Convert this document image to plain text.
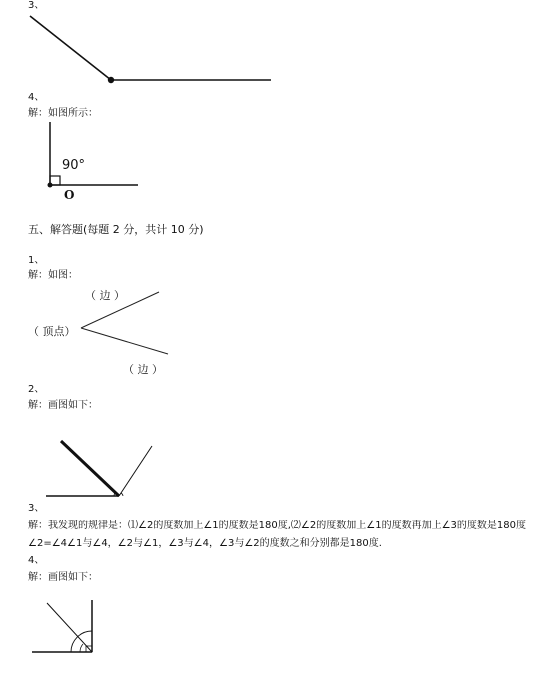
3、
4、
解：如图所示：
90°
O
五、解答题(每题 2 分，共计 10 分)
1、
解：如图：
（ 边 ）
（ 顶点）
（ 边 ）
2、
解：画图如下：
3、
解：我发现的规律是：⑴∠2的度数加上∠1的度数是180度,⑵∠2的度数加上∠1的度数再加上∠3的度数是180度
∠2=∠4∠1与∠4，∠2与∠1，∠3与∠4，∠3与∠2的度数之和分别都是180度.
4、
解：画图如下：
